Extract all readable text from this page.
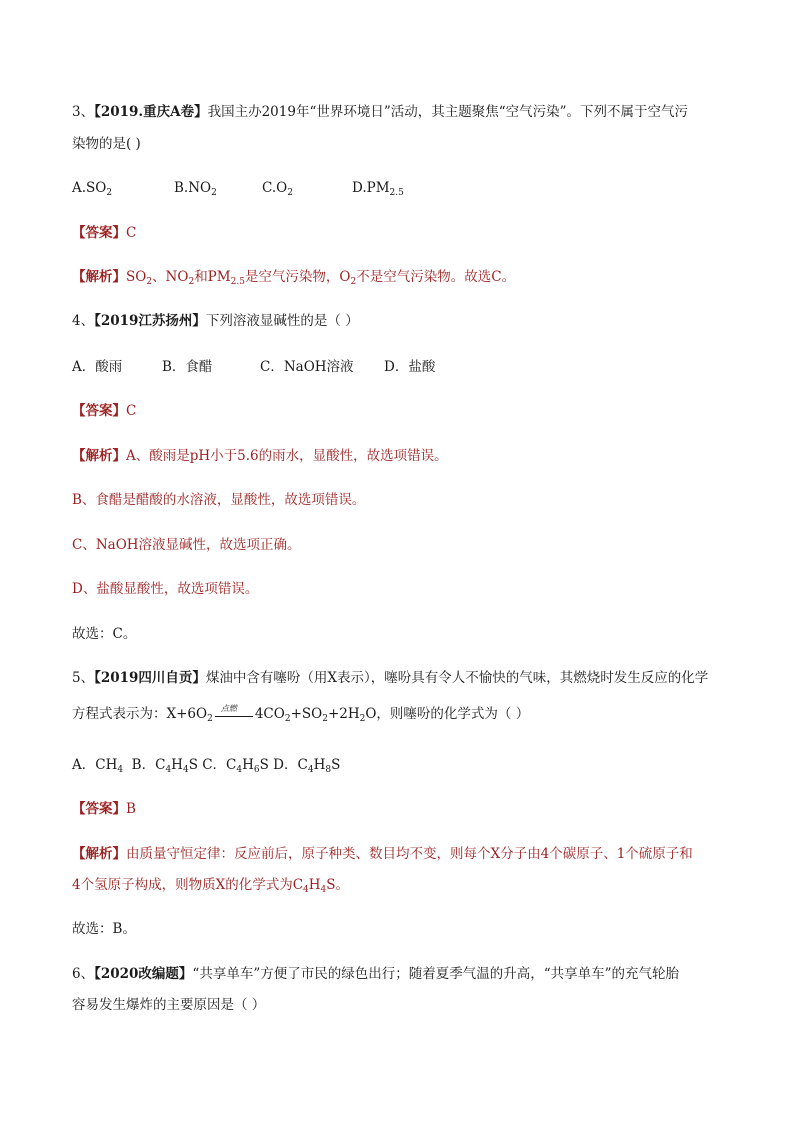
3、【2019.重庆A卷】我国主办2019年“世界环境日”活动，其主题聚焦“空气污染”。下列不属于空气污
染物的是( )
$A.SO_2$	$B.NO_2$	$C.O_2$	$D.PM_{2.5}$
【答案】C
【解析】$SO_2$、$NO_2$和$PM_{2.5}$是空气污染物，$O_2$不是空气污染物。故选C。
4、【2019江苏扬州】下列溶液显碱性的是（ ）
A．酸雨	B．食醋	C．NaOH溶液 D．盐酸
【答案】C
【解析】A、酸雨是pH小于5.6的雨水，显酸性，故选项错误。
B、食醋是醋酸的水溶液，显酸性，故选项错误。
C、NaOH溶液显碱性，故选项正确。
D、盐酸显酸性，故选项错误。
故选：C。
5、【2019四川自贡】煤油中含有噻吩（用X表示），噻吩具有令人不愉快的气味，其燃烧时发生反应的化学
方程式表示为：$X+6O_2$
点燃 $4CO_2+SO_2+2H_2O$，则噻吩的化学式为（ ）
A．$CH_4$  B．$C_4H_4S$ C．$C_4H_6S$ D．$C_4H_8S$
【答案】B
【解析】由质量守恒定律：反应前后，原子种类、数目均不变，则每个X分子由4个碳原子、1个硫原子和
4个氢原子构成，则物质X的化学式为$C_4H_4S$。
故选：B。
6、【2020改编题】“共享单车”方便了市民的绿色出行；随着夏季气温的升高，“共享单车”的充气轮胎
容易发生爆炸的主要原因是（ ）
